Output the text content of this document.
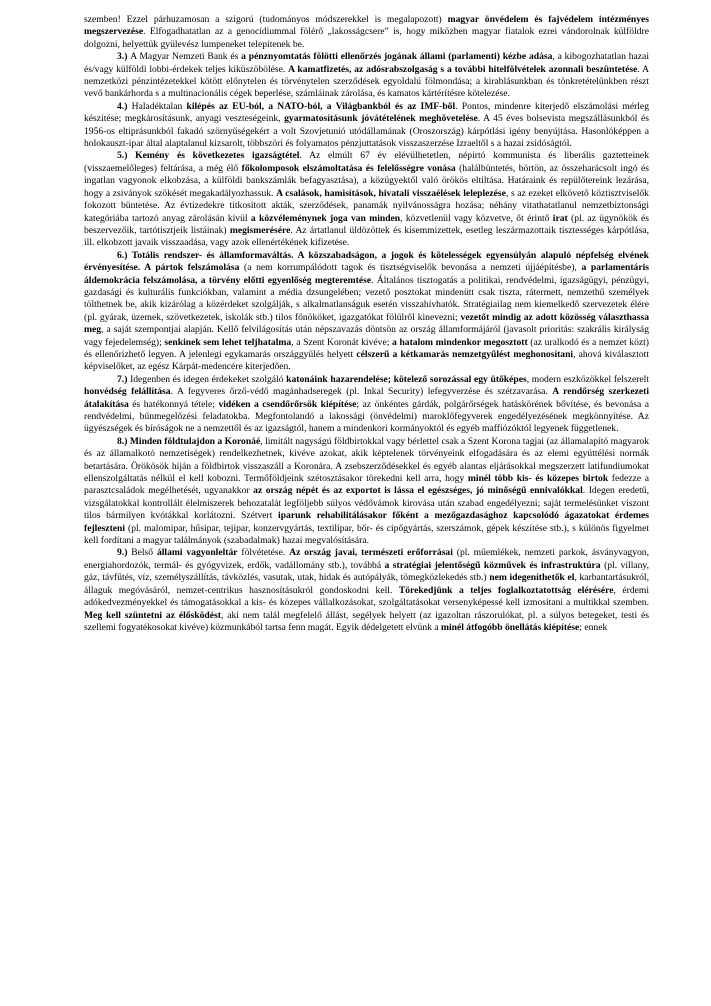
szemben! Ezzel párhuzamosan a szigorú (tudományos módszerekkel is megalapozott) magyar önvédelem és fajvédelem intézményes megszervezése. Elfogadhatatlan az a genocídiummal fölérő „lakosságcsere” is, hogy miközben magyar fiatalok ezrei vándorolnak külföldre dolgozni, helyettük gyülevész lumpeneket telepítenek be.

3.) A Magyar Nemzeti Bank és a pénznyomtatás fölötti ellenőrzés jogának állami (parlamenti) kézbe adása, a kibogozhatatlan hazai és/vagy külföldi lobbi-érdekek teljes kiküszöbölése. A kamatfizetés, az adósrabszolgaság s a további hitelfölvételek azonnali beszüntetése. A nemzetközi pénzintézetekkel kötött előnytelen és törvénytelen szerződések egyoldalú fölmondása; a kirablásunkban és tönkretételünkben részt vevő bankárhorda s a multinacionális cégek beperlése, számláinak zárolása, és kamatos kártérítésre kötelezése.

4.) Haladéktalan kilépés az EU-ból, a NATO-ból, a Világbankból és az IMF-ből. Pontos, mindenre kiterjedő elszámolási mérleg készítése; megkárosításunk, anyagi veszteségeink, gyarmatosításunk jóvátételének meghövetelése. A 45 éves bolsevista megszállásunkból és 1956-os eltiprásunkból fakadó szörnyűségekért a volt Szovjetunió utódállamának (Oroszország) kárpótlási igény benyújtása. Hasonlóképpen a holokauszt-ipar által alaptalanul kizsarolt, többszöri és folyamatos pénzjuttatások visszaszerzése Izraeltől s a hazai zsidóságtól.

5.) Kemény és következetes igazságtétel. Az elmúlt 67 év elévülhetetlen, népirtó kommunista és liberális gaztetteinek (visszaemelőleges) feltárása, a még élő főkolomposok elszámoltatása és felelősségre vonása (halálbüntetés, börtön, az összeharácsolt ingó és ingatlan vagyonok elkobzása, a külföldi bankszámlák befagyasztása), a közügyektől való örökös eltiltása. Határaink és repülőtereink lezárása, hogy a zsiványok szökését megakadályozhassuk. A csalások, hamisítások, hivatali visszaélések leleplezése, s az ezeket elkövető köztisztviselők fokozott büntetése. Az évtizedekre titkosított akták, szerződések, panamák nyilvánosságra hozása; néhány vitathatatlanul nemzetbiztonsági kategóriába tartozó anyag zárolásán kívül a közvéleménynek joga van minden, közvetlenül vagy közvetve, őt érintő irat (pl. az ügynökök és beszervezőik, tartótisztjeik listáinak) megismerésére. Az ártatlanul üldözöttek és kisemmizettek, esetleg leszármazottaik tisztességes kárpótlása, ill. elkobzott javaik visszaadása, vagy azok ellenértékének kifizetése.

6.) Totális rendszer- és államformaváltás. A közszabadságon, a jogok és kötelességek egyensúlyán alapuló népfelség elvének érvényesítése. A pártok felszámolása (a nem korrumpálódott tagok és tisztségviselők bevonása a nemzeti újjáépítésbe), a parlamentáris áldemokrácia felszámolása, a törvény előtti egyenlőség megteremtése. Általános tisztogatás a politikai, rendvédelmi, igazságügyi, pénzügyi, gazdasági és kulturális funkciókban, valamint a média dzsungelében; vezető posztokat mindenütt csak tiszta, rátermett, nemzethű személyek tölthetnek be, akik kizárólag a közérdeket szolgálják, s alkalmatlanságuk esetén visszahívhatók. Stratégiailag nem kiemelkedő szervezetek élére (pl. gyárak, üzemek, szövetkezetek, iskolák stb.) tilos főnököket, igazgatókat fölülről kinevezni; vezetőt mindig az adott közösség választhassa meg, a saját szempontjai alapján. Kellő felvilágosítás után népszavazás döntsön az ország államformájáról (javasolt prioritás: szakrális királyság vagy fejedelemség); senkinek sem lehet teljhatalma, a Szent Koronát kivéve; a hatalom mindenkor megosztott (az uralkodó és a nemzet közt) és ellenőrizhető legyen. A jelenlegi egykamarás országgyűlés helyett célszerű a kétkamarás nemzetgyűlést meghonosítani, ahová kiválasztott képviselőket, az egész Kárpát-medencére kiterjedően.

7.) Idegenben és idegen érdekeket szolgáló katonáink hazarendelése; kötelező sorozással egy ütőképes, modern eszközökkel felszerelt honvédség felállítása. A fegyveres őrző-védő magánhadseregek (pl. Inkal Security) lefegyverzése és szétzavarása. A rendőrség szerkezeti átalakítása és hatékonnyá tétele; vidéken a csendőrőrsök kiépítése; az önkéntes gárdák, polgárőrségek hatáskörének bővítése, és bevonása a rendvédelmi, bűnmegelőzési feladatokba. Megfontolandó a lakossági (önvédelmi) maroklőfegyverek engedélyezésének megkönnyítése. Az ügyészségek és bíróságok ne a nemzettől és az igazságtól, hanem a mindenkori kormányoktól és egyéb maffiózóktól legyenek függetlenek.

8.) Minden földtulajdon a Koronáé, limitált nagyságú földbirtokkal vagy bérlettel csak a Szent Korona tagjai (az államalapító magyarok és az államalkotó nemzetiségek) rendelkezhetnek, kivéve azokat, akik képtelenek törvényeink elfogadására és az elemi együttélési normák betartására. Örökösök híján a földbirtok visszaszáll a Koronára. A zsebszerződésekkel és egyéb alantas eljárásokkal megszerzett latifundiumokat ellenszolgáltatás nélkül el kell kobozni. Termőföldjeink szétosztásakor törekedni kell arra, hogy minél több kis- és közepes birtok fedezze a parasztcsaládok megélhetését, ugyanakkor az ország népét és az exportot is lássa el egészséges, jó minőségű ennivalókkal. Idegen eredetű, vizsgálatokkal kontrollált élelmiszerek behozatalát legföljebb súlyos védővámok kirovása után szabad engedélyezni; saját termelésünket viszont tilos bármilyen kvótákkal korlátozni. Szétvert iparunk rehabilitálásakor főként a mezőgazdasághoz kapcsolódó ágazatokat érdemes fejleszteni (pl. malomipar, hűsipar, tejipar, konzervgyártás, textilipar, bőr- és cipőgyártás, szerszámok, gépek készítése stb.), s különös figyelmet kell fordítani a magyar találmányok (szabadalmak) hazai megvalósítására.

9.) Belső állami vagyonleltár fölvétetése. Az ország javai, természeti erőforrásai (pl. műemlékek, nemzeti parkok, ásványvagyon, energiahordozók, termál- és gyógyvizek, erdők, vadállomány stb.), továbbá a stratégiai jelentőségű közművek és infrastruktúra (pl. villany, gáz, távfűtés, víz, személyszállítás, távközlés, vasutak, utak, hidak és autópályák, tömegközlekedés stb.) nem idegeníthetők el, karbantartásukról, állaguk megóvásáról, nemzet-centrikus hasznosításukról gondoskodni kell. Törekedjünk a teljes foglalkoztatottság elérésére, érdemi adókedvezményekkel és támogatásokkal a kis- és közepes vállalkozásokat, szolgáltatásokat versenyképessé kell izmosítani a multikkal szemben. Meg kell szüntetni az élősködést, aki nem talál megfelelő állást, segélyek helyett (az igazoltan rászorulókat, pl. a súlyos betegeket, testi és szellemi fogyatékosokat kivéve) közmunkából tartsa fenn magát. Egyik dédelgetett elvünk a minél átfogóbb önellátás kiépítése; ennek
